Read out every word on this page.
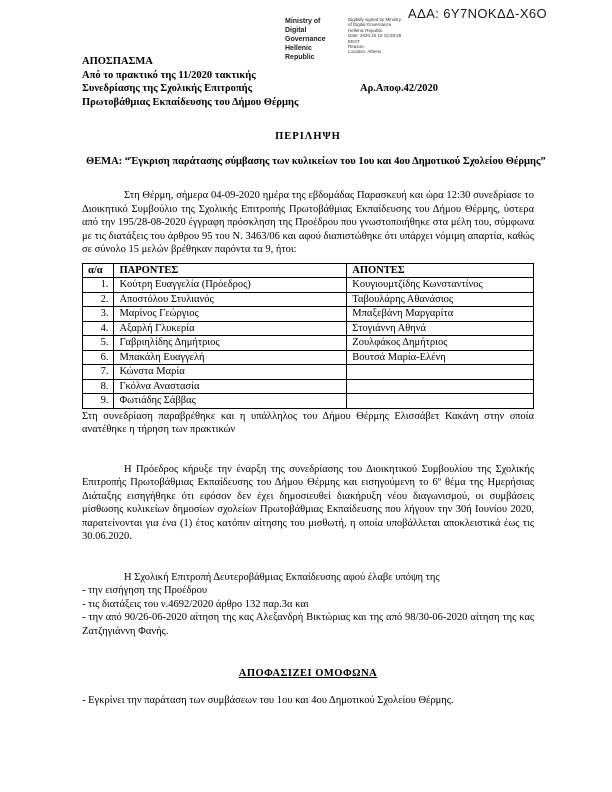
ΑΔΑ: 6Υ7ΝΟΚΔΔ-Χ6Ο
Ministry of Digital
Governance
Hellenic Republic
Digitally signed by Ministry
of Digital Governance,
Hellenic Republic
Date: 2020.10.16 10:29:26
EEST
Reason:
Location: Athens
ΑΠΟΣΠΑΣΜΑ
Από το πρακτικό της 11/2020 τακτικής
Συνεδρίασης της Σχολικής Επιτροπής	Αρ.Αποφ.42/2020
Πρωτοβάθμιας Εκπαίδευσης του Δήμου Θέρμης
ΠΕΡΙΛΗΨΗ
ΘΕΜΑ: “Έγκριση παράτασης σύμβασης των κυλικείων του 1ου και 4ου Δημοτικού Σχολείου Θέρμης”
Στη Θέρμη, σήμερα 04-09-2020 ημέρα της εβδομάδας Παρασκευή και ώρα 12:30 συνεδρίασε το Διοικητικό Συμβούλιο της Σχολικής Επιτροπής Πρωτοβάθμιας Εκπαίδευσης του Δήμου Θέρμης, ύστερα από την 195/28-08-2020 έγγραφη πρόσκληση της Προέδρου που γνωστοποιήθηκε στα μέλη του, σύμφωνα με τις διατάξεις του άρθρου 95 του Ν. 3463/06 και αφού διαπιστώθηκε ότι υπάρχει νόμιμη απαρτία, καθώς σε σύνολο 15 μελών βρέθηκαν παρόντα τα 9, ήτοι:
α/α	ΠΑΡΟΝΤΕΣ	ΑΠΟΝΤΕΣ
1.	Κούτρη Ευαγγελία (Πρόεδρος)	Κουγιουμτζίδης Κωνσταντίνος
2.	Αποστόλου Στυλιανός	Ταβουλάρης Αθανάσιος
3.	Μαρίνος Γεώργιος	Μπαξεβάνη Μαργαρίτα
4.	Αξαρλή Γλυκερία	Στογιάννη Αθηνά
5.	Γαβριηλίδης Δημήτριος	Ζουλφάκος Δημήτριος
6.	Μπακάλη Ευαγγελή	Βουτσά Μαρία-Ελένη
7.	Κώνστα Μαρία	
8.	Γκόλνα Αναστασία	
9.	Φωτιάδης Σάββας	
Στη συνεδρίαση παραβρέθηκε και η υπάλληλος του Δήμου Θέρμης Ελισσάβετ Κακάνη στην οποία ανατέθηκε η τήρηση των πρακτικών
Η Πρόεδρος κήρυξε την έναρξη της συνεδρίασης του Διοικητικού Συμβουλίου της Σχολικής Επιτροπής Πρωτοβάθμιας Εκπαίδευσης του Δήμου Θέρμης και εισηγούμενη το 6º θέμα της Ημερήσιας Διάταξης εισηγήθηκε ότι εφόσον δεν έχει δημοσιευθεί διακήρυξη νέου διαγωνισμού, οι συμβάσεις μίσθωσης κυλικείων δημοσίων σχολείων Πρωτοβάθμιας Εκπαίδευσης που λήγουν την 30ή Ιουνίου 2020, παρατείνονται για ένα (1) έτος κατόπιν αίτησης του μισθωτή, η οποία υποβάλλεται αποκλειστικά έως τις 30.06.2020.
Η Σχολική Επιτροπή Δευτεροβάθμιας Εκπαίδευσης αφού έλαβε υπόψη της
- την εισήγηση της Προέδρου
- τις διατάξεις του ν.4692/2020 άρθρο 132 παρ.3α και
- την από 90/26-06-2020 αίτηση της κας Αλεξανδρή Βικτώριας και της από 98/30-06-2020 αίτηση της κας Ζατζηγιάννη Φανής.
ΑΠΟΦΑΣΙΖΕΙ ΟΜΟΦΩΝΑ
- Εγκρίνει την παράταση των συμβάσεων του 1ου και 4ου Δημοτικού Σχολείου Θέρμης.
